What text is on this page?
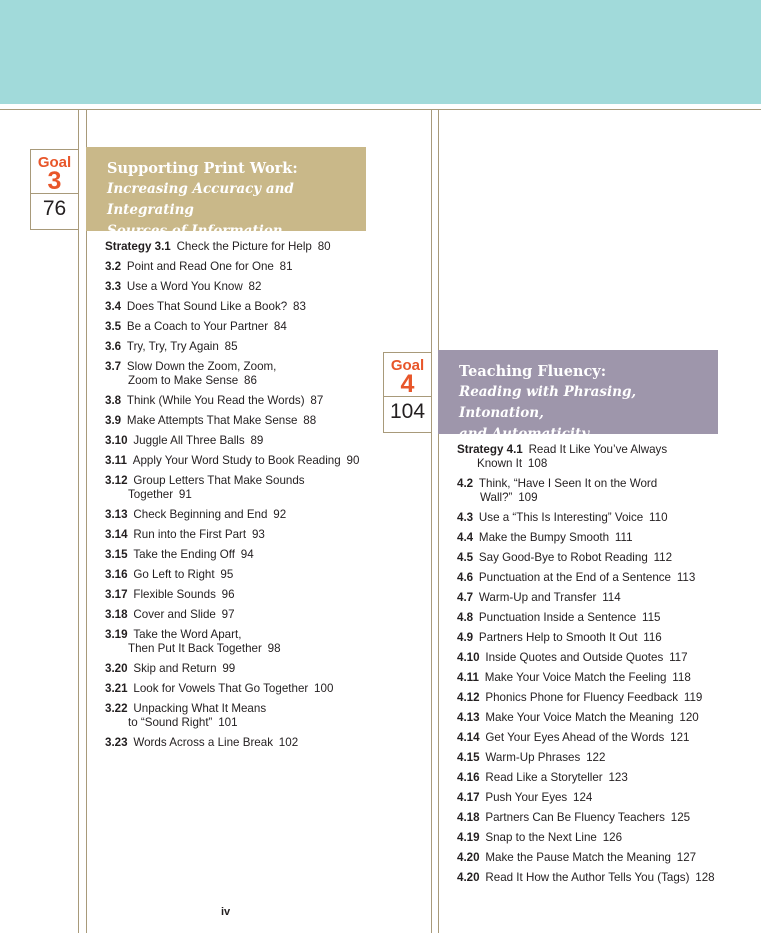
Goal
3
76
Supporting Print Work:
Increasing Accuracy and Integrating
Sources of Information
Strategy 3.1  Check the Picture for Help  80
3.2  Point and Read One for One  81
3.3  Use a Word You Know  82
3.4  Does That Sound Like a Book?  83
3.5  Be a Coach to Your Partner  84
3.6  Try, Try, Try Again  85
3.7  Slow Down the Zoom, Zoom,
Zoom to Make Sense  86
3.8  Think (While You Read the Words)  87
3.9  Make Attempts That Make Sense  88
3.10  Juggle All Three Balls  89
3.11  Apply Your Word Study to Book Reading  90
3.12  Group Letters That Make Sounds
Together  91
3.13  Check Beginning and End  92
3.14  Run into the First Part  93
3.15  Take the Ending Off  94
3.16  Go Left to Right  95
3.17  Flexible Sounds  96
3.18  Cover and Slide  97
3.19  Take the Word Apart,
Then Put It Back Together  98
3.20  Skip and Return  99
3.21  Look for Vowels That Go Together  100
3.22  Unpacking What It Means
to “Sound Right”  101
3.23  Words Across a Line Break  102
Goal
4
104
Teaching Fluency:
Reading with Phrasing, Intonation,
and Automaticity
Strategy 4.1  Read It Like You’ve Always
Known It  108
4.2  Think, “Have I Seen It on the Word
Wall?”  109
4.3  Use a “This Is Interesting” Voice  110
4.4  Make the Bumpy Smooth  111
4.5  Say Good-Bye to Robot Reading  112
4.6  Punctuation at the End of a Sentence  113
4.7  Warm-Up and Transfer  114
4.8  Punctuation Inside a Sentence  115
4.9  Partners Help to Smooth It Out  116
4.10  Inside Quotes and Outside Quotes  117
4.11  Make Your Voice Match the Feeling  118
4.12  Phonics Phone for Fluency Feedback  119
4.13  Make Your Voice Match the Meaning  120
4.14  Get Your Eyes Ahead of the Words  121
4.15  Warm-Up Phrases  122
4.16  Read Like a Storyteller  123
4.17  Push Your Eyes  124
4.18  Partners Can Be Fluency Teachers  125
4.19  Snap to the Next Line  126
4.20  Make the Pause Match the Meaning  127
4.20  Read It How the Author Tells You (Tags)  128
iv
